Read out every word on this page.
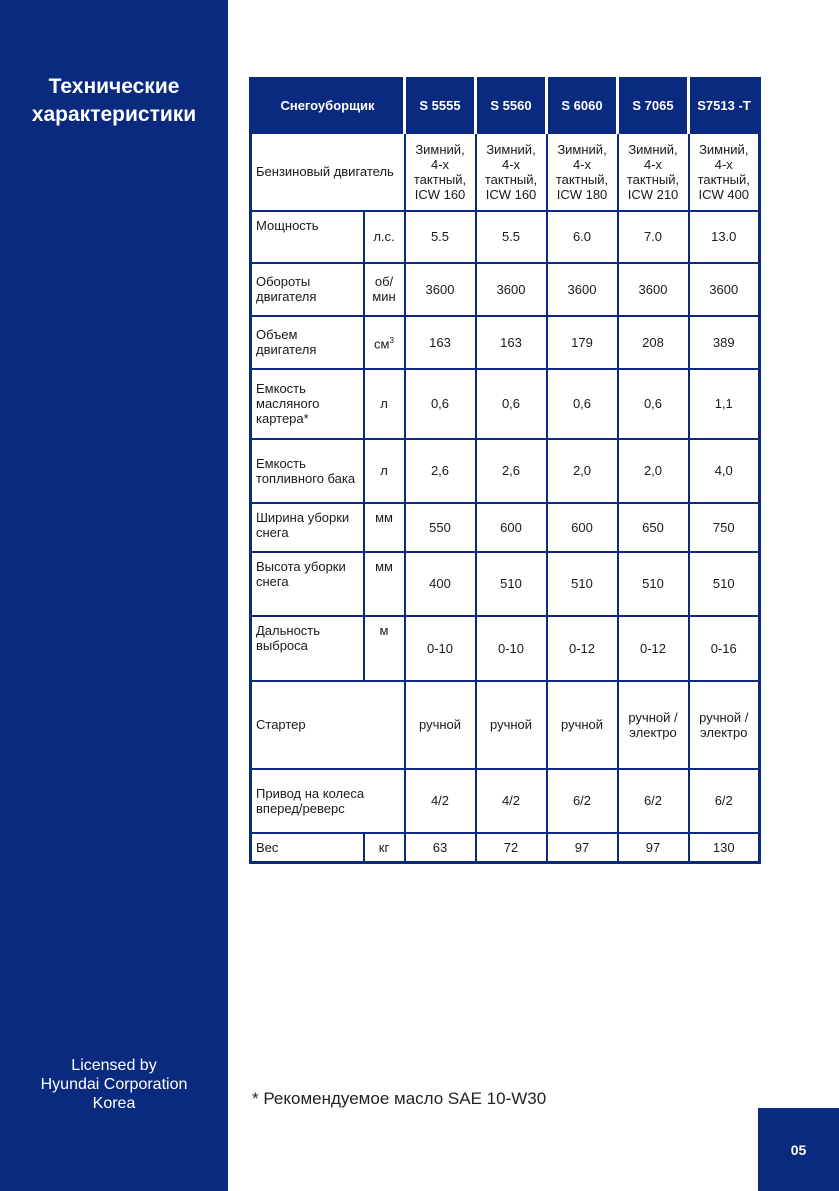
Технические характеристики
Licensed by
Hyundai Corporation
Korea
Снегоуборщик		S 5555	S 5560	S 6060	S 7065	S7513 -T
Бензиновый двигатель		Зимний, 4-х тактный, ICW 160	Зимний, 4-х тактный, ICW 160	Зимний, 4-х тактный, ICW 180	Зимний, 4-х тактный, ICW 210	Зимний, 4-х тактный, ICW 400
Мощность	л.с.	5.5	5.5	6.0	7.0	13.0
Обороты двигателя	об/ мин	3600	3600	3600	3600	3600
Объем двигателя	$см^3$	163	163	179	208	389
Емкость масляного картера*	л	0,6	0,6	0,6	0,6	1,1
Емкость топливного бака	л	2,6	2,6	2,0	2,0	4,0
Ширина уборки снега	мм	550	600	600	650	750
Высота уборки снега	мм	400	510	510	510	510
Дальность выброса	м	0-10	0-10	0-12	0-12	0-16
Стартер		ручной	ручной	ручной	ручной /электро	ручной /электро
Привод на колеса вперед/реверс		4/2	4/2	6/2	6/2	6/2
Вес	кг	63	72	97	97	130
* Рекомендуемое масло SAE 10-W30
05
